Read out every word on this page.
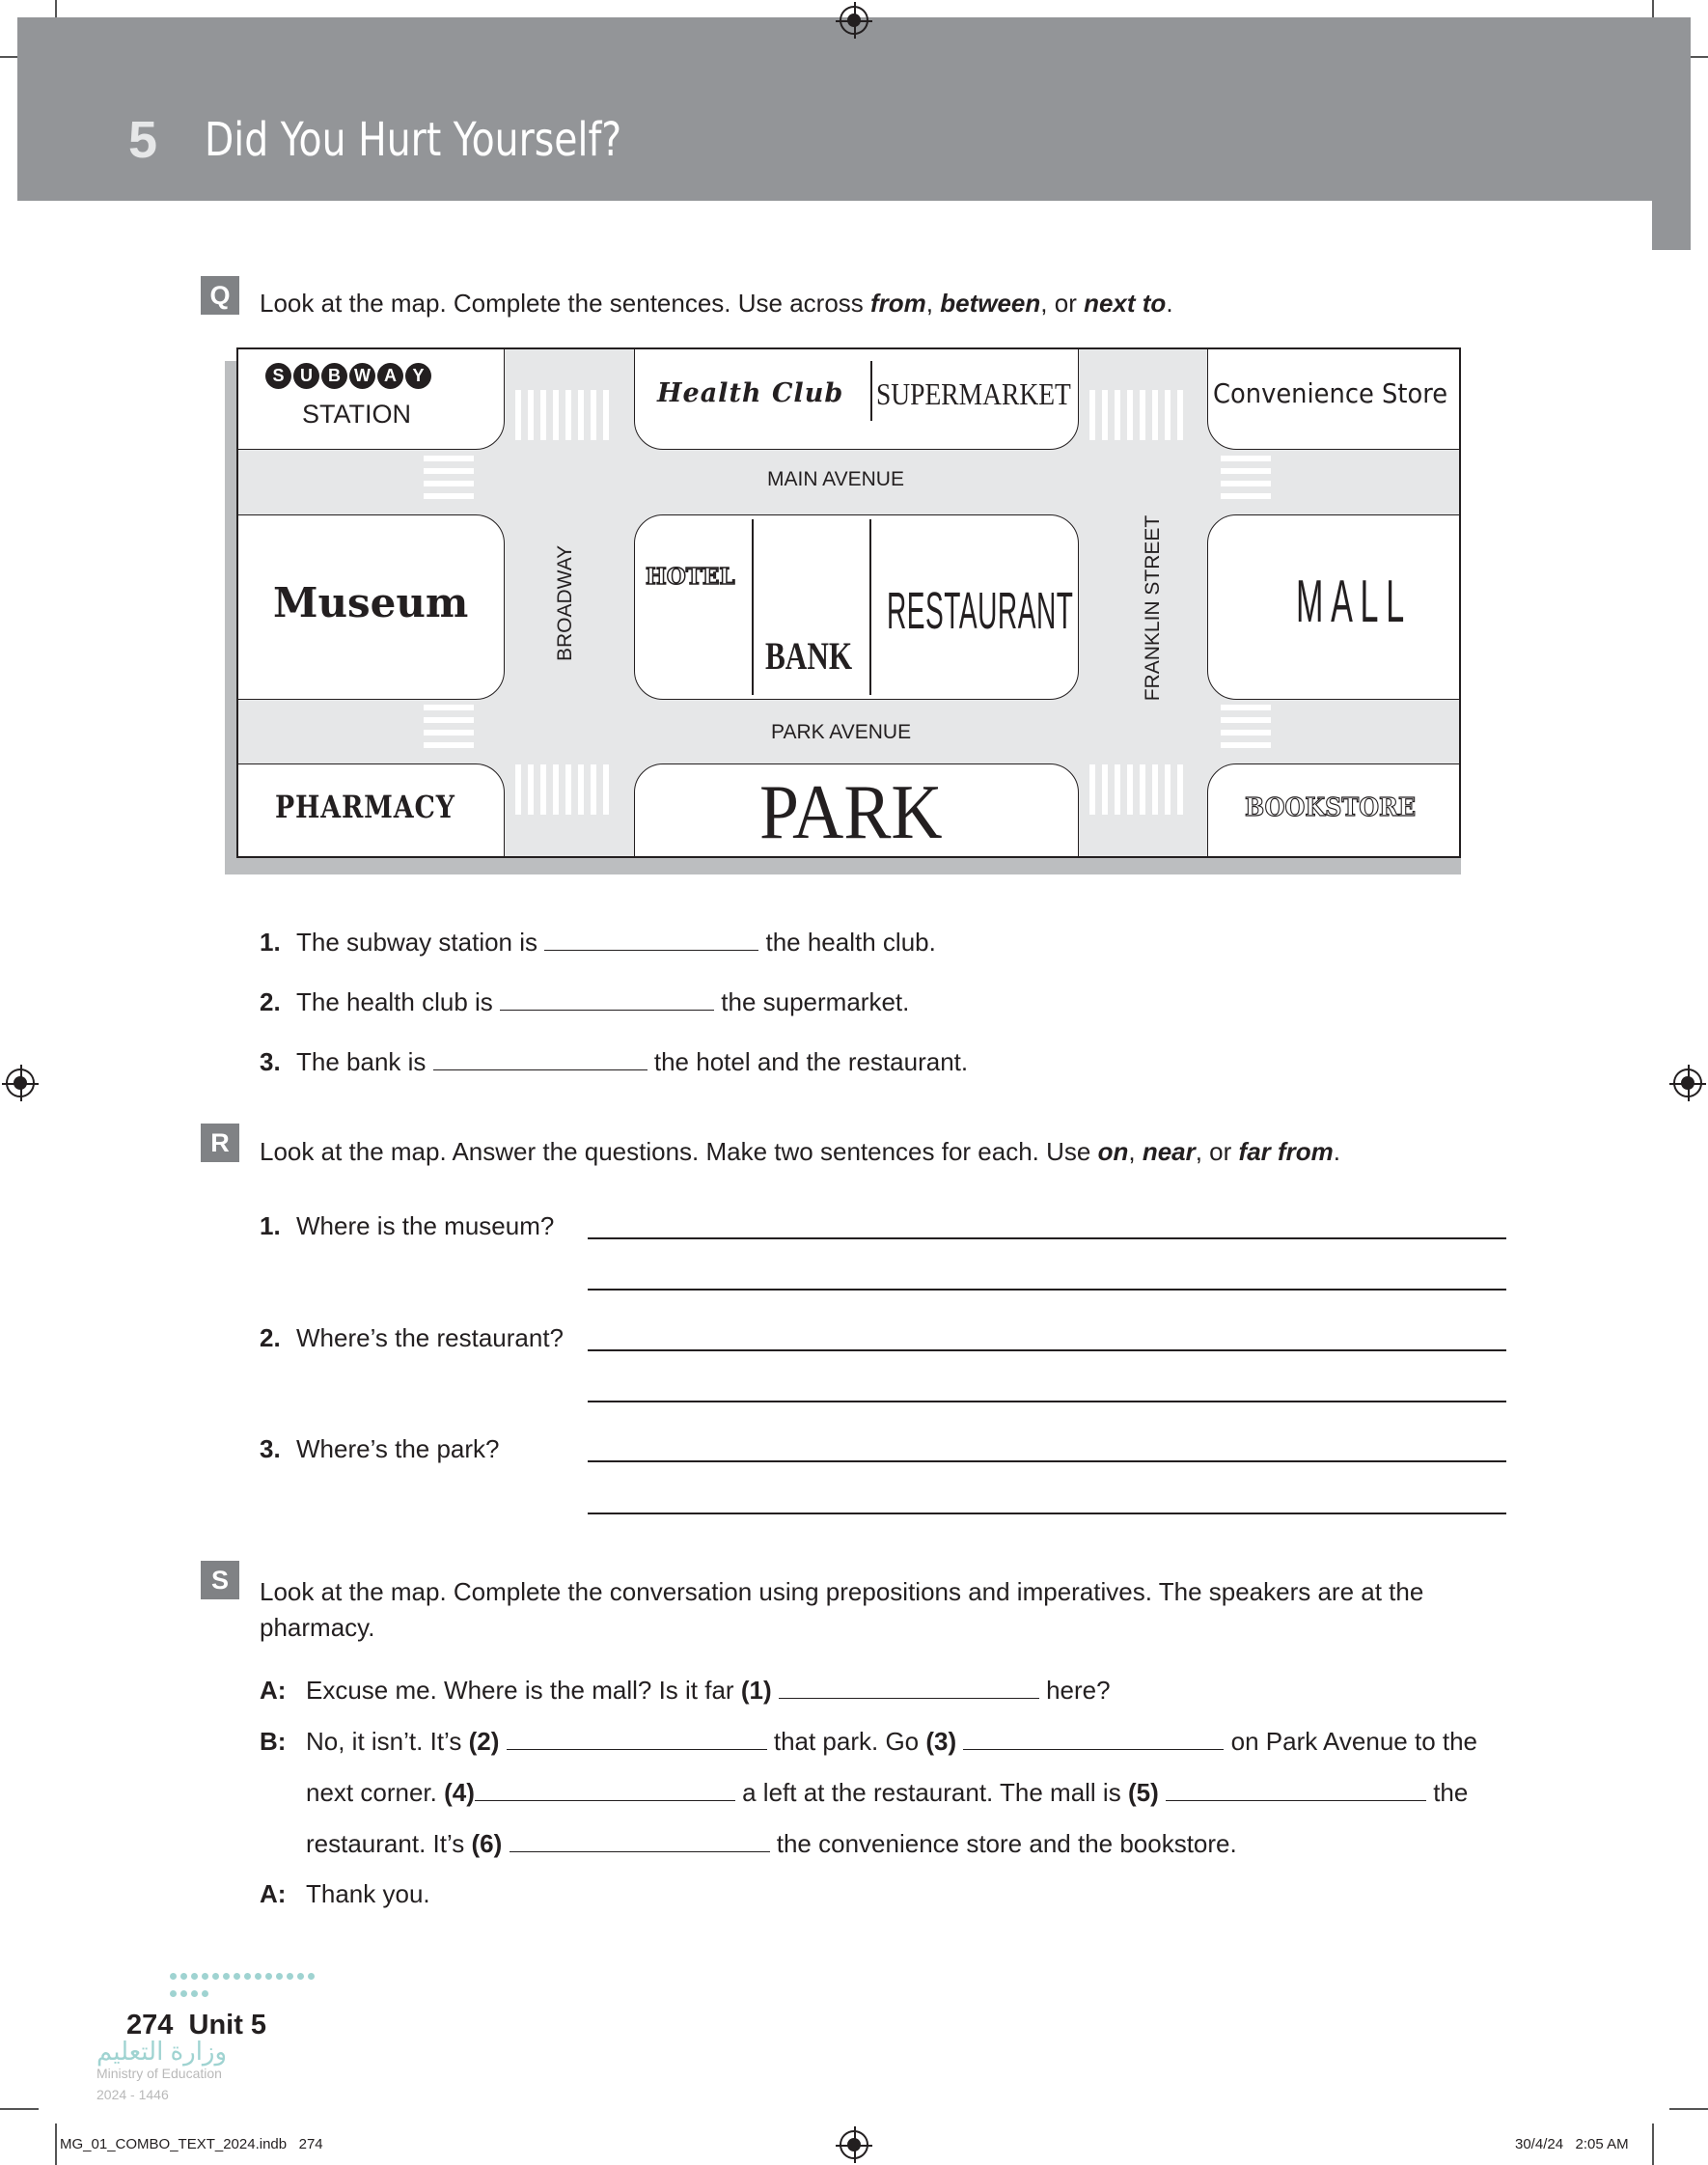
5 Did You Hurt Yourself?
Q	Look at the map. Complete the sentences. Use across from, between, or next to.
MAIN AVENUE
PARK AVENUE
BROADWAY	FRANKLIN STREET
S U B W A Y
STATION
Health Club SUPERMARKET	Convenience Store
Museum
HOTEL
BANK
RESTAURANT	MALL
PHARMACY	PARK	BOOKSTORE
1. The subway station is	the health club.
2. The health club is	the supermarket.
3. The bank is	the hotel and the restaurant.
R	Look at the map. Answer the questions. Make two sentences for each. Use on, near, or far from.
1. Where is the museum?
2. Where’s the restaurant?
3. Where’s the park?
S	Look at the map. Complete the conversation using prepositions and imperatives. The speakers are at the
pharmacy.
A: Excuse me. Where is the mall? Is it far (1)	here?
B: No, it isn’t. It’s (2)	that park. Go (3)	on Park Avenue to the
next corner. (4)	a left at the restaurant. The mall is (5)	the
restaurant. It’s (6)	the convenience store and the bookstore.
A: Thank you.
274  Unit 5
وزارة التعليم
Ministry of Education
2024 - 1446
MG_01_COMBO_TEXT_2024.indb   274	30/4/24   2:05 AM
